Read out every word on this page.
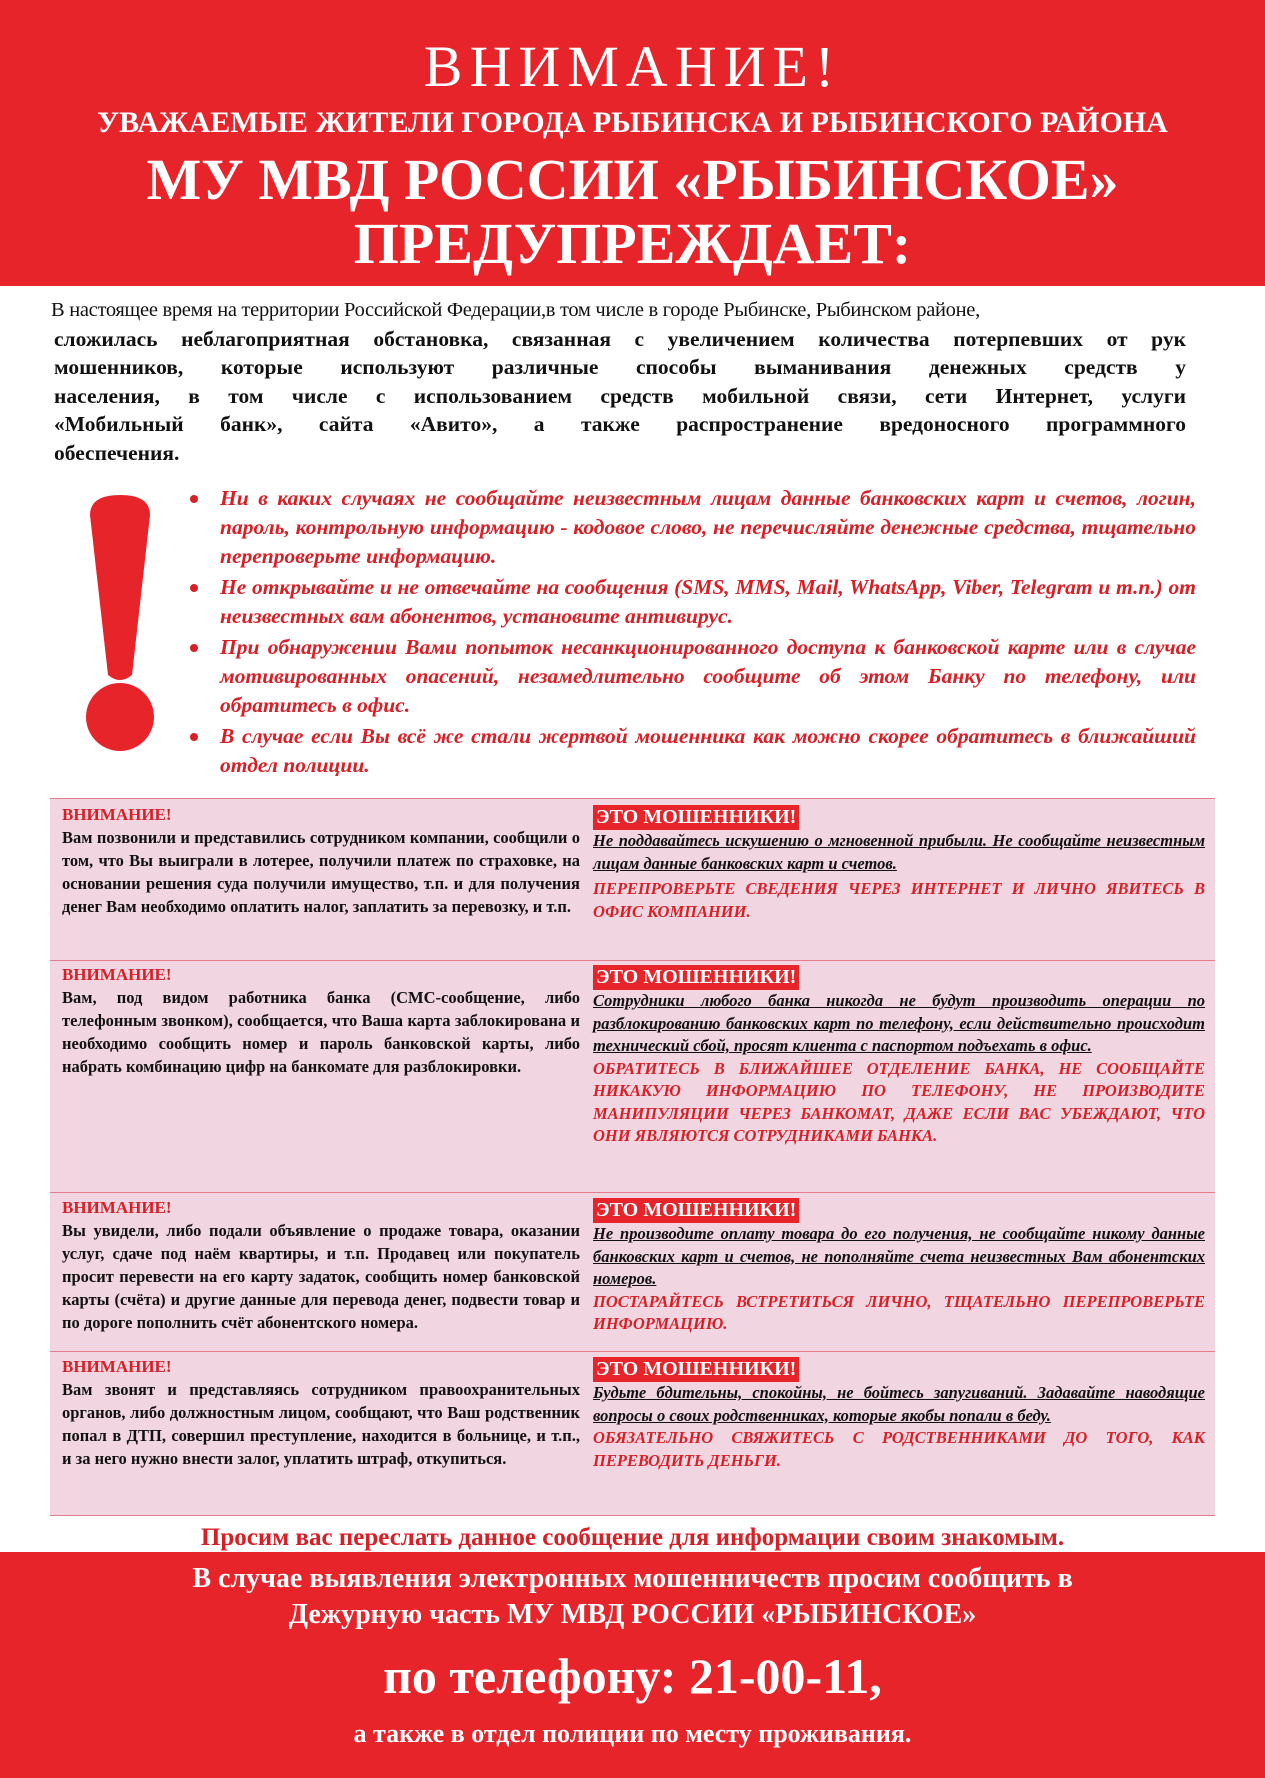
ВНИМАНИЕ!
УВАЖАЕМЫЕ ЖИТЕЛИ ГОРОДА РЫБИНСКА И РЫБИНСКОГО РАЙОНА
МУ МВД РОССИИ «РЫБИНСКОЕ»
ПРЕДУПРЕЖДАЕТ:
В настоящее время на территории Российской Федерации,в том числе в городе Рыбинске, Рыбинском районе,
сложилась неблагоприятная обстановка, связанная с увеличением количества потерпевших от рук
мошенников, которые используют различные способы выманивания денежных средств у
населения, в том числе с использованием средств мобильной связи, сети Интернет, услуги
«Мобильный банк», сайта «Авито», а также распространение вредоносного программного
обеспечения.
Ни в каких случаях не сообщайте неизвестным лицам данные банковских карт и счетов, логин, пароль, контрольную информацию - кодовое слово, не перечисляйте денежные средства, тщательно перепроверьте информацию.
Не открывайте и не отвечайте на сообщения (SMS, MMS, Mail, WhatsApp, Viber, Telegram и т.п.) от неизвестных вам абонентов, установите антивирус.
При обнаружении Вами попыток несанкционированного доступа к банковской карте или в случае мотивированных опасений, незамедлительно сообщите об этом Банку по телефону, или обратитесь в офис.
В случае если Вы всё же стали жертвой мошенника как можно скорее обратитесь в ближайший отдел полиции.
ВНИМАНИЕ!
Вам позвонили и представились сотрудником компании, сообщили о том, что Вы выиграли в лотерее, получили платеж по страховке, на основании решения суда получили имущество, т.п. и для получения денег Вам необходимо оплатить налог, заплатить за перевозку, и т.п.
ЭТО МОШЕННИКИ!
Не поддавайтесь искушению о мгновенной прибыли. Не сообщайте неизвестным лицам данные банковских карт и счетов.
ПЕРЕПРОВЕРЬТЕ СВЕДЕНИЯ ЧЕРЕЗ ИНТЕРНЕТ И ЛИЧНО ЯВИТЕСЬ В ОФИС КОМПАНИИ.
ВНИМАНИЕ!
Вам, под видом работника банка (СМС-сообщение, либо телефонным звонком), сообщается, что Ваша карта заблокирована и необходимо сообщить номер и пароль банковской карты, либо набрать комбинацию цифр на банкомате для разблокировки.
ЭТО МОШЕННИКИ!
Сотрудники любого банка никогда не будут производить операции по разблокированию банковских карт по телефону, если действительно происходит технический сбой, просят клиента с паспортом подъехать в офис.
ОБРАТИТЕСЬ В БЛИЖАЙШЕЕ ОТДЕЛЕНИЕ БАНКА, НЕ СООБЩАЙТЕ НИКАКУЮ ИНФОРМАЦИЮ ПО ТЕЛЕФОНУ, НЕ ПРОИЗВОДИТЕ МАНИПУЛЯЦИИ ЧЕРЕЗ БАНКОМАТ, ДАЖЕ ЕСЛИ ВАС УБЕЖДАЮТ, ЧТО ОНИ ЯВЛЯЮТСЯ СОТРУДНИКАМИ БАНКА.
ВНИМАНИЕ!
Вы увидели, либо подали объявление о продаже товара, оказании услуг, сдаче под наём квартиры, и т.п. Продавец или покупатель просит перевести на его карту задаток, сообщить номер банковской карты (счёта) и другие данные для перевода денег, подвести товар и по дороге пополнить счёт абонентского номера.
ЭТО МОШЕННИКИ!
Не производите оплату товара до его получения, не сообщайте никому данные банковских карт и счетов, не пополняйте счета неизвестных Вам абонентских номеров.
ПОСТАРАЙТЕСЬ ВСТРЕТИТЬСЯ ЛИЧНО, ТЩАТЕЛЬНО ПЕРЕПРОВЕРЬТЕ ИНФОРМАЦИЮ.
ВНИМАНИЕ!
Вам звонят и представляясь сотрудником правоохранительных органов, либо должностным лицом, сообщают, что Ваш родственник попал в ДТП, совершил преступление, находится в больнице, и т.п., и за него нужно внести залог, уплатить штраф, откупиться.
ЭТО МОШЕННИКИ!
Будьте бдительны, спокойны, не бойтесь запугиваний. Задавайте наводящие вопросы о своих родственниках, которые якобы попали в беду.
ОБЯЗАТЕЛЬНО СВЯЖИТЕСЬ С РОДСТВЕННИКАМИ ДО ТОГО, КАК ПЕРЕВОДИТЬ ДЕНЬГИ.
Просим вас переслать данное сообщение для информации своим знакомым.
В случае выявления электронных мошенничеств просим сообщить в
Дежурную часть МУ МВД РОССИИ «РЫБИНСКОЕ»
по телефону: 21-00-11,
а также в отдел полиции по месту проживания.
